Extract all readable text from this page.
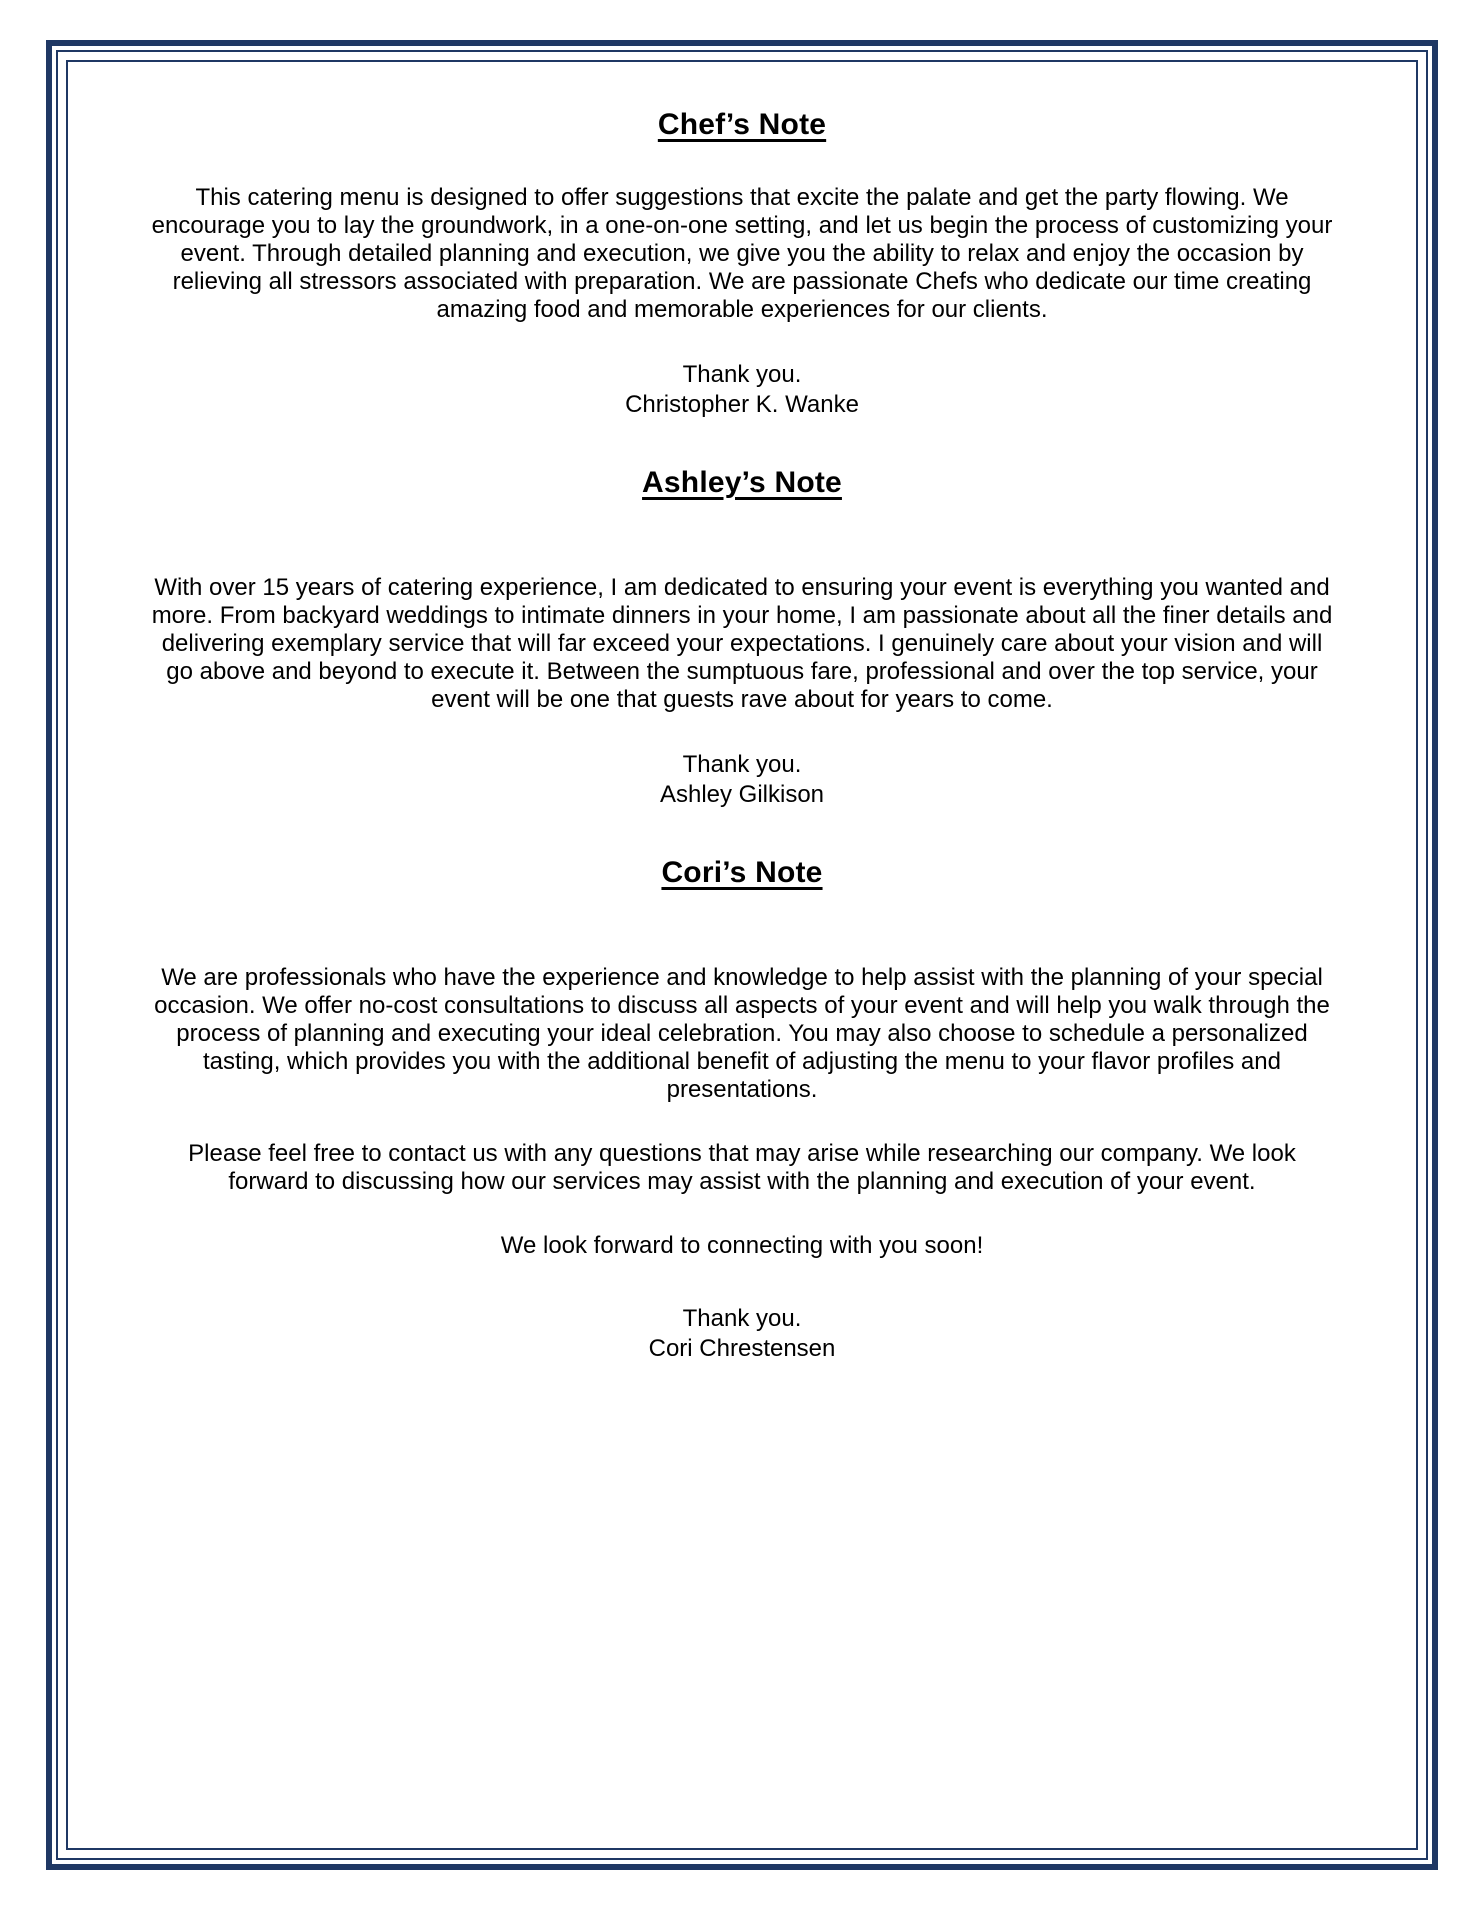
Chef’s Note

This catering menu is designed to offer suggestions that excite the palate and get the party flowing. We encourage you to lay the groundwork, in a one-on-one setting, and let us begin the process of customizing your event. Through detailed planning and execution, we give you the ability to relax and enjoy the occasion by relieving all stressors associated with preparation. We are passionate Chefs who dedicate our time creating amazing food and memorable experiences for our clients.

Thank you.
Christopher K. Wanke
Ashley’s Note

With over 15 years of catering experience, I am dedicated to ensuring your event is everything you wanted and more. From backyard weddings to intimate dinners in your home, I am passionate about all the finer details and delivering exemplary service that will far exceed your expectations. I genuinely care about your vision and will go above and beyond to execute it. Between the sumptuous fare, professional and over the top service, your event will be one that guests rave about for years to come.

Thank you.
Ashley Gilkison
Cori’s Note

We are professionals who have the experience and knowledge to help assist with the planning of your special occasion. We offer no-cost consultations to discuss all aspects of your event and will help you walk through the process of planning and executing your ideal celebration. You may also choose to schedule a personalized tasting, which provides you with the additional benefit of adjusting the menu to your flavor profiles and presentations.

Please feel free to contact us with any questions that may arise while researching our company. We look forward to discussing how our services may assist with the planning and execution of your event.

We look forward to connecting with you soon!

Thank you.
Cori Chrestensen
